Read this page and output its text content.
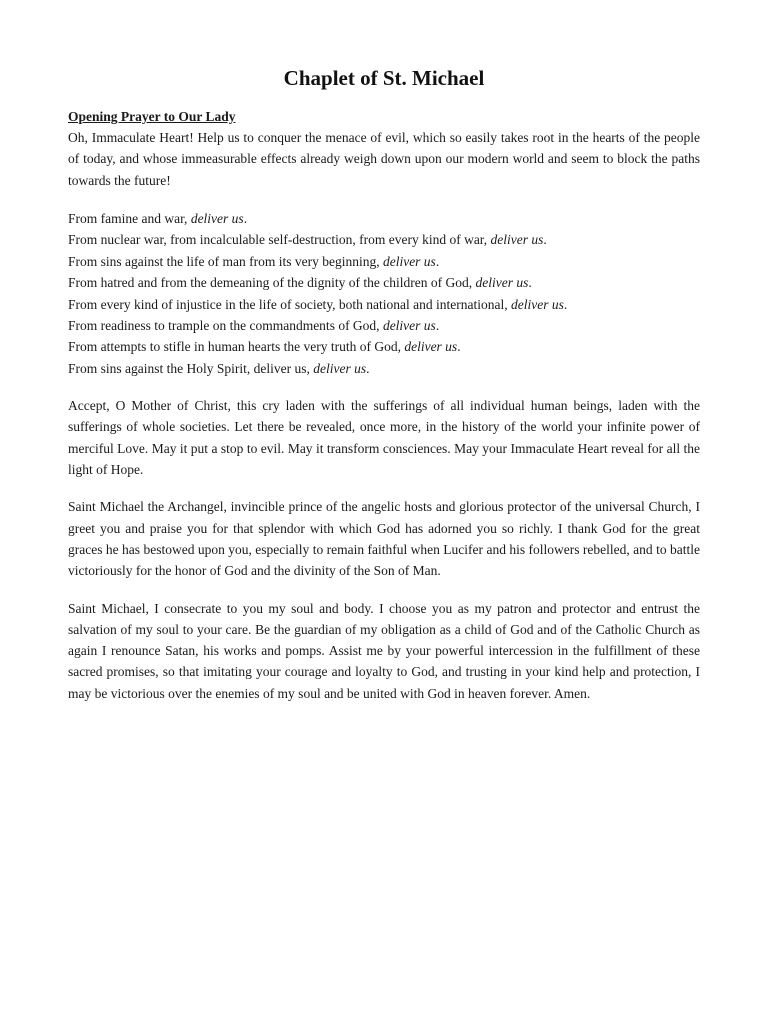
Chaplet of St. Michael
Opening Prayer to Our Lady

Oh, Immaculate Heart! Help us to conquer the menace of evil, which so easily takes root in the hearts of the people of today, and whose immeasurable effects already weigh down upon our modern world and seem to block the paths towards the future!

From famine and war, deliver us.
From nuclear war, from incalculable self-destruction, from every kind of war, deliver us.
From sins against the life of man from its very beginning, deliver us.
From hatred and from the demeaning of the dignity of the children of God, deliver us.
From every kind of injustice in the life of society, both national and international, deliver us.
From readiness to trample on the commandments of God, deliver us.
From attempts to stifle in human hearts the very truth of God, deliver us.
From sins against the Holy Spirit, deliver us, deliver us.

Accept, O Mother of Christ, this cry laden with the sufferings of all individual human beings, laden with the sufferings of whole societies. Let there be revealed, once more, in the history of the world your infinite power of merciful Love. May it put a stop to evil. May it transform consciences. May your Immaculate Heart reveal for all the light of Hope.

Saint Michael the Archangel, invincible prince of the angelic hosts and glorious protector of the universal Church, I greet you and praise you for that splendor with which God has adorned you so richly. I thank God for the great graces he has bestowed upon you, especially to remain faithful when Lucifer and his followers rebelled, and to battle victoriously for the honor of God and the divinity of the Son of Man.

Saint Michael, I consecrate to you my soul and body. I choose you as my patron and protector and entrust the salvation of my soul to your care. Be the guardian of my obligation as a child of God and of the Catholic Church as again I renounce Satan, his works and pomps. Assist me by your powerful intercession in the fulfillment of these sacred promises, so that imitating your courage and loyalty to God, and trusting in your kind help and protection, I may be victorious over the enemies of my soul and be united with God in heaven forever. Amen.
